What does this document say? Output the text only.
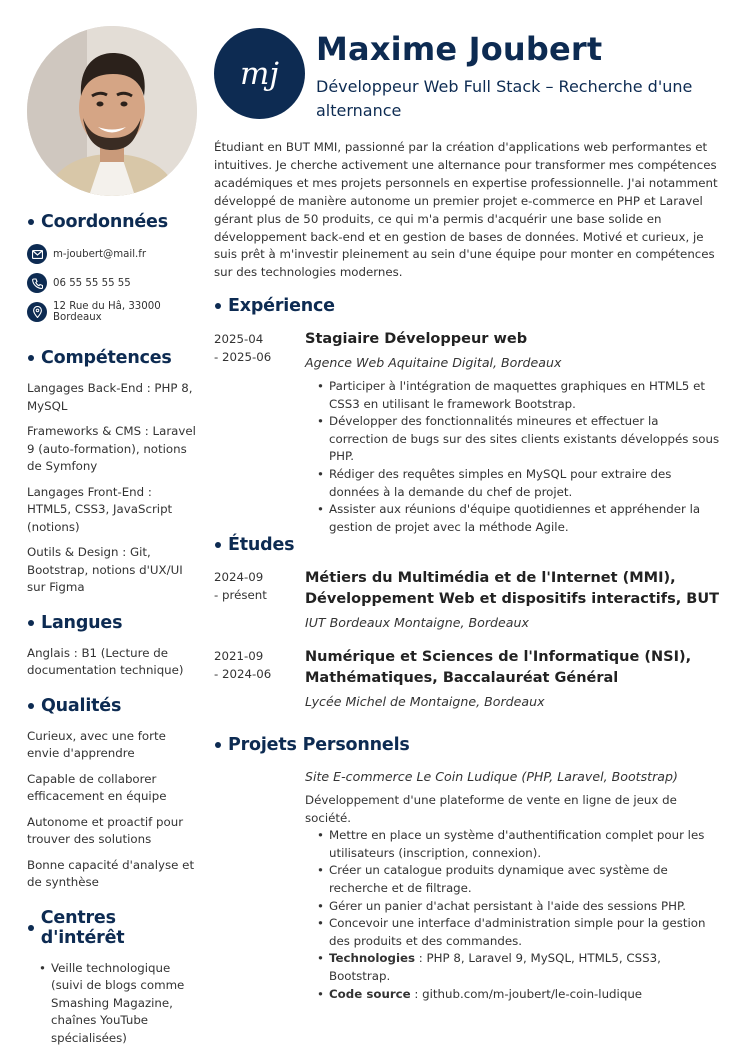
Coordonnées
m-joubert@mail.fr
06 55 55 55 55
12 Rue du Hâ, 33000 Bordeaux
Compétences

Langages Back-End : PHP 8, MySQL

Frameworks & CMS : Laravel 9 (auto-formation), notions de Symfony

Langages Front-End : HTML5, CSS3, JavaScript (notions)

Outils & Design : Git, Bootstrap, notions d'UX/UI sur Figma

Langues

Anglais : B1 (Lecture de documentation technique)

Qualités

Curieux, avec une forte envie d'apprendre

Capable de collaborer efficacement en équipe

Autonome et proactif pour trouver des solutions

Bonne capacité d'analyse et de synthèse

Centres d'intérêt
• Veille technologique (suivi de blogs comme Smashing Magazine, chaînes YouTube spécialisées)
mj
Maxime Joubert
Développeur Web Full Stack – Recherche d'une alternance
Étudiant en BUT MMI, passionné par la création d'applications web performantes et intuitives. Je cherche activement une alternance pour transformer mes compétences académiques et mes projets personnels en expertise professionnelle. J'ai notamment développé de manière autonome un premier projet e-commerce en PHP et Laravel gérant plus de 50 produits, ce qui m'a permis d'acquérir une base solide en développement back-end et en gestion de bases de données. Motivé et curieux, je suis prêt à m'investir pleinement au sein d'une équipe pour monter en compétences sur des technologies modernes.
Expérience
2025-04
- 2025-06
Stagiaire Développeur web
Agence Web Aquitaine Digital, Bordeaux
• Participer à l'intégration de maquettes graphiques en HTML5 et CSS3 en utilisant le framework Bootstrap.
• Développer des fonctionnalités mineures et effectuer la correction de bugs sur des sites clients existants développés sous PHP.
• Rédiger des requêtes simples en MySQL pour extraire des données à la demande du chef de projet.
• Assister aux réunions d'équipe quotidiennes et appréhender la gestion de projet avec la méthode Agile.
Études
2024-09
- présent
Métiers du Multimédia et de l'Internet (MMI), Développement Web et dispositifs interactifs, BUT
IUT Bordeaux Montaigne, Bordeaux
2021-09
- 2024-06
Numérique et Sciences de l'Informatique (NSI), Mathématiques, Baccalauréat Général
Lycée Michel de Montaigne, Bordeaux
Projets Personnels
Site E-commerce Le Coin Ludique (PHP, Laravel, Bootstrap)
Développement d'une plateforme de vente en ligne de jeux de société.
• Mettre en place un système d'authentification complet pour les utilisateurs (inscription, connexion).
• Créer un catalogue produits dynamique avec système de recherche et de filtrage.
• Gérer un panier d'achat persistant à l'aide des sessions PHP.
• Concevoir une interface d'administration simple pour la gestion des produits et des commandes.
• Technologies : PHP 8, Laravel 9, MySQL, HTML5, CSS3, Bootstrap.
• Code source : github.com/m-joubert/le-coin-ludique
